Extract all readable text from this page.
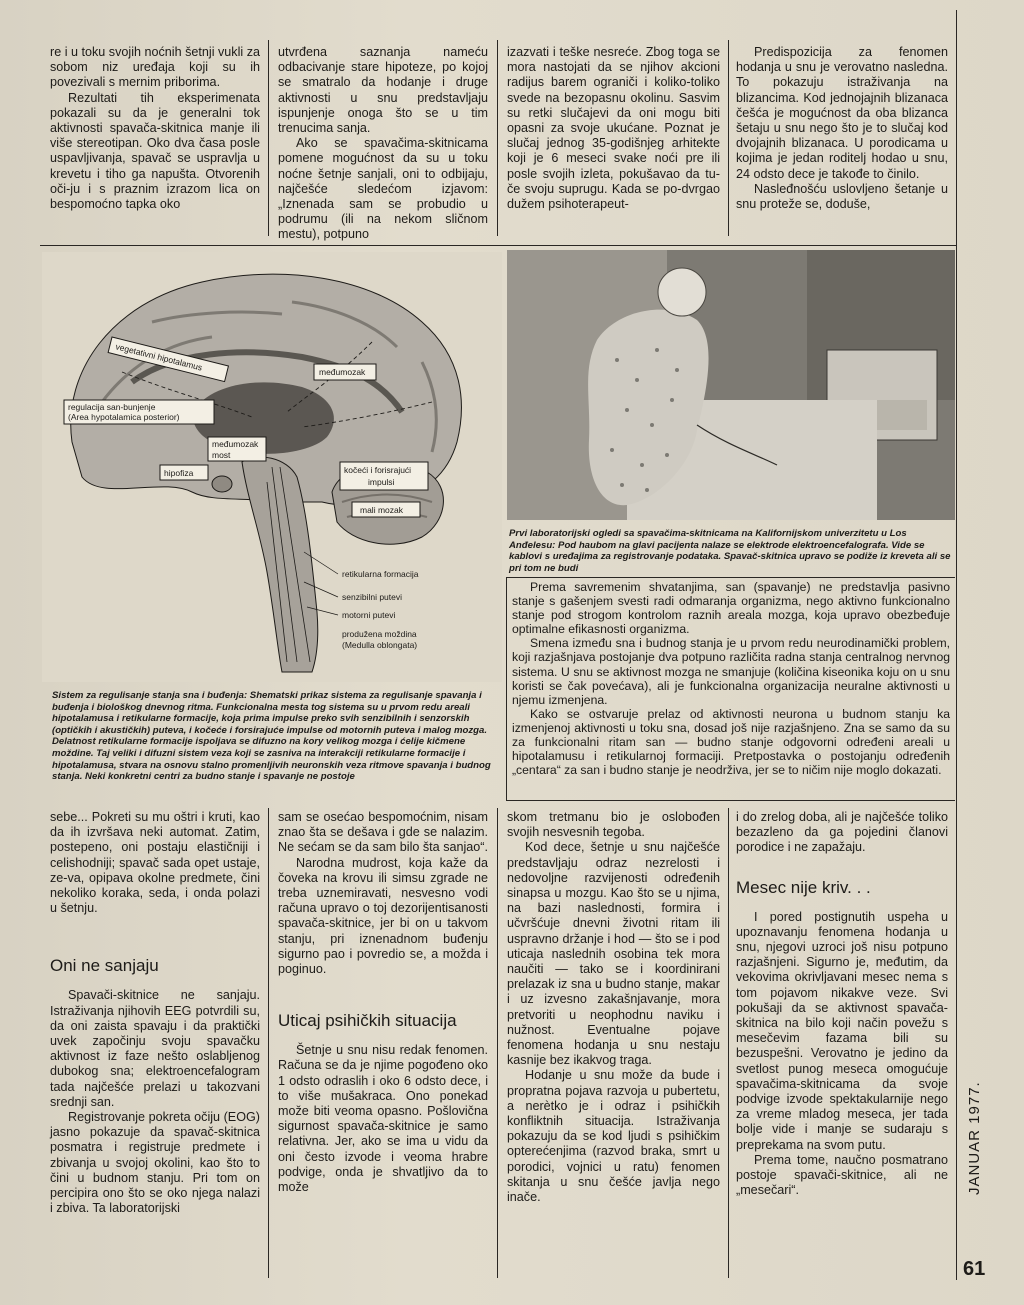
re i u toku svojih noćnih šetnji vukli za sobom niz uređaja koji su ih povezivali s mernim priborima.

Rezultati tih eksperimenata pokazali su da je generalni tok aktivnosti spavača-skitnica manje ili više stereotipan. Oko dva časa posle uspavljivanja, spavač se uspravlja u krevetu i tiho ga napušta. Otvorenih oči-ju i s praznim izrazom lica on bespomoćno tapka oko

utvrđena saznanja nameću odbacivanje stare hipoteze, po kojoj se smatralo da hodanje i druge aktivnosti u snu predstavljaju ispunjenje onoga što se u tim trenucima sanja.

Ako se spavačima-skitnicama pomene mogućnost da su u toku noćne šetnje sanjali, oni to odbijaju, najčešće sledećom izjavom: „Iznenada sam se probudio u podrumu (ili na nekom sličnom mestu), potpuno

izazvati i teške nesreće. Zbog toga se mora nastojati da se njihov akcioni radijus barem ograniči i koliko-toliko svede na bezopasnu okolinu. Sasvim su retki slučajevi da oni mogu biti opasni za svoje ukućane. Poznat je slučaj jednog 35-godišnjeg arhitekte koji je 6 meseci svake noći pre ili posle svojih izleta, pokušavao da tu-če svoju suprugu. Kada se po-dvrgao dužem psihoterapeut-

Predispozicija za fenomen hodanja u snu je verovatno nasledna. To pokazuju istraživanja na blizancima. Kod jednojajnih blizanaca češća je mogućnost da oba blizanca šetaju u snu nego što je to slučaj kod dvojajnih blizanaca. U porodicama u kojima je jedan roditelj hodao u snu, 24 odsto dece je takođe to činilo.

Nasleđnošću uslovljeno šetanje u snu protеže se, doduše,

vegetativni hipotalamus	međumozak
regulacija san-bunjenje
(Area hypotalamica posterior)
međumozak
most
hipofiza	kočeći i forisrajući
impulsi
mali mozak
retikularna formacija
senzibilni putevi
motorni putevi
produžena moždina
(Medulla oblongata)
Sistem za regulisanje stanja sna i buđenja: Shematski prikaz sistema za regulisanje spavanja i buđenja i biološkog dnevnog ritma. Funkcionalna mesta tog sistema su u prvom redu areali hipotalamusa i retikularne formacije, koja prima impulse preko svih senzibilnih i senzorskih (optičkih i akustičkih) puteva, i kočeće i forsirajuće impulse od motornih puteva i malog mozga. Delatnost retikularne formacije ispoljava se difuzno na korу velikog mozga i ćelije kičmene moždine. Taj veliki i difuzni sistem veza koji se zasniva na interakciji retikularne formacije i hipotalamusa, stvara na osnovu stalno promenljivih neuronskih veza ritmove spavanja i budnog stanja. Neki konkretni centri za budno stanje i spavanje ne postoje
Prvi laboratorijski ogledi sa spavačima-skitnicama na Kalifornijskom univerzitetu u Los Anđelesu: Pod haubom na glavi pacijenta nalaze se elektrode elektroencefalografa. Vide se kablovi s uređajima za registrovanje podataka. Spavač-skitnica upravo se podiže iz kreveta ali se pri tom ne budi

Prema savremenim shvatanjima, san (spavanje) ne predstavlja pasivno stanje s gašenjem svesti radi odmaranja organizma, nego aktivno funkcionalno stanje pod strogom kontrolom raznih areala mozga, koja upravo obezbeđuje optimalne efikasnosti organizma.

Smena između sna i budnog stanja je u prvom redu neurodinamički problem, koji razjašnjava postojanje dva potpuno različita radna stanja centralnog nervnog sistema. U snu se aktivnost mozga ne smanjuje (količina kiseonika koju on u snu koristi se čak povećava), ali je funkcionalna organizacija neuralne aktivnosti u njemu izmenjena.

Kako se ostvaruje prelaz od aktivnosti neurona u budnom stanju ka izmenjenoj aktivnosti u toku sna, dosad još nije razjašnjeno. Zna se samo da su za funkcionalni ritam san — budno stanje odgovorni određeni areali u hipotalamusu i retikularnoj formaciji. Pretpostavka o postojanju određenih „centara“ za san i budno stanje je neodrživa, jer se to ničim nije moglo dokazati.

sebe... Pokreti su mu oštri i kruti, kao da ih izvršava neki automat. Zatim, postepeno, oni postaju elastičniji i celishodniji; spavač sada opet ustaje, ze-va, opipava okolne predmete, čini nekoliko koraka, seda, i onda polazi u šetnju.

Oni ne sanjaju

Spavači-skitnice ne sanjaju. Istraživanja njihovih EEG potvrdili su, da oni zaista spavaju i da praktički uvek započinju svoju spavačku aktivnost iz faze nešto oslabljenog dubokog sna; elektroencefalogram tada najčešće prelazi u takozvani srednji san.

Registrovanje pokreta očiju (EOG) jasno pokazuje da spavač-skitnica posmatra i registruje predmete i zbivanja u svojoj okolini, kao što to čini u budnom stanju. Pri tom on percipira ono što se oko njega nalazi i zbiva. Ta laboratorijski

sam se osećao bespomoćnim, nisam znao šta se dešava i gde se nalazim. Ne sećam se da sam bilo šta sanjao“.

Narodna mudrost, koja kaže da čoveka na krovu ili simsu zgrade ne treba uznemiravati, nesvesno vodi računa upravo o toj dezorijentisanosti spavača-skitnice, jer bi on u takvom stanju, pri iznenadnom buđenju sigurno pao i povredio se, a možda i poginuo.

Uticaj psihičkih situacija

Šetnje u snu nisu redak fenomen. Računa se da je njime pogođeno oko 1 odsto odraslih i oko 6 odsto dece, i to više mušakraca. Ono ponekad može biti veoma opasno. Pošlovična sigurnost spavača-skitnice je samo relativna. Jer, ako se ima u vidu da oni često izvode i veoma hrabre podvige, onda je shvatljivo da to može

skom tretmanu bio je oslobođen svojih nesvesnih tegoba.

Kod dece, šetnje u snu najčešće predstavljaju odraz nezrelosti i nedovoljne razvijenosti određenih sinapsa u mozgu. Kao što se u njima, na bazi naslednosti, formira i učvršćuje dnevni životni ritam ili uspravno držanje i hod — što se i pod uticaja naslednih osobina tek mora naučiti — tako se i koordinirani prelazak iz sna u budno stanje, makar i uz izvesno zakašnjavanje, mora pretvoriti u neophodnu naviku i nužnost. Eventualne pojave fenomena hodanja u snu nestaju kasnije bez ikakvog traga.

Hodanje u snu može da bude i propratna pojava razvoja u pubertetu, a nerètko je i odraz i psihičkih konfliktnih situacija. Istraživanja pokazuju da se kod ljudi s psihičkim opterećenjima (razvod braka, smrt u porodici, vojnici u ratu) fenomen skitanja u snu češće javlja nego inače.

i do zrelog doba, ali je najčešće toliko bezazleno da ga pojedini članovi porodice i ne zapažaju.

Mesec nije kriv. . .

I pored postignutih uspeha u upoznavanju fenomena hodanja u snu, njegovi uzroci još nisu potpuno razjašnjeni. Sigurno je, međutim, da vekovima okrivljavani mesec nema s tom pojavom nikakve veze. Svi pokušaji da se aktivnost spavača-skitnica na bilo koji način povežu s mesečevim fazama bili su bezuspešni. Verovatno je jedino da svetlost punog meseca omogućuje spavačima-skitnicama da svoje podvige izvode spektakularnije nego za vreme mladog meseca, jer tada bolje vide i manje se sudaraju s preprekama na svom putu.

Prema tome, naučno posmatrano postoje spavači-skitnice, ali ne „mesečari“.	JANUAR 1977.
61
